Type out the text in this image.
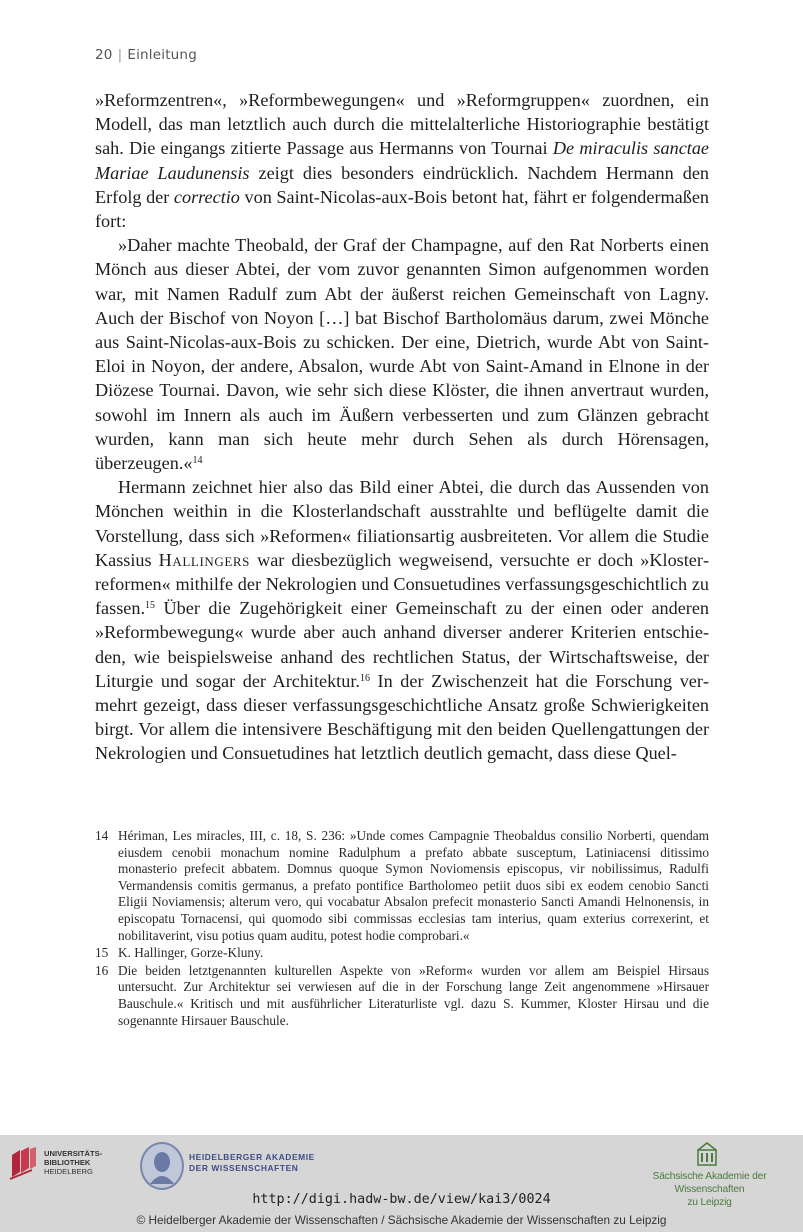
20 | Einleitung

»Reformzentren«, »Reformbewegungen« und »Reformgruppen« zuordnen, ein Modell, das man letztlich auch durch die mittelalterliche Historiographie bestätigt sah. Die eingangs zitierte Passage aus Hermanns von Tournai De miraculis sanctae Mariae Laudunensis zeigt dies besonders eindrücklich. Nachdem Hermann den Erfolg der correctio von Saint-Nicolas-aux-Bois betont hat, fährt er folgendermaßen fort:

»Daher machte Theobald, der Graf der Champagne, auf den Rat Norberts einen Mönch aus dieser Abtei, der vom zuvor genannten Simon aufgenommen worden war, mit Namen Radulf zum Abt der äußerst reichen Gemeinschaft von Lagny. Auch der Bischof von Noyon […] bat Bischof Bartholomäus darum, zwei Mönche aus Saint-Nicolas-aux-Bois zu schicken. Der eine, Dietrich, wurde Abt von Saint-Eloi in Noyon, der andere, Absalon, wurde Abt von Saint-Amand in Elnone in der Diözese Tournai. Davon, wie sehr sich diese Klöster, die ihnen anvertraut wurden, sowohl im Innern als auch im Äußern verbesserten und zum Glänzen gebracht wurden, kann man sich heute mehr durch Sehen als durch Hörensagen, überzeugen.«$^{14}$

Hermann zeichnet hier also das Bild einer Abtei, die durch das Aussenden von Mönchen weithin in die Klosterlandschaft ausstrahlte und beflügelte damit die Vorstellung, dass sich »Reformen« filiationsartig ausbreiteten. Vor allem die Studie Kassius Hallingers war diesbezüglich wegweisend, versuchte er doch »Klosterreformen« mithilfe der Nekrologien und Consuetudines verfassungsgeschichtlich zu fassen.$^{15}$ Über die Zugehörigkeit einer Gemeinschaft zu der einen oder anderen »Reformbewegung« wurde aber auch anhand diverser anderer Kriterien entschieden, wie beispielsweise anhand des rechtlichen Status, der Wirtschaftsweise, der Liturgie und sogar der Architektur.$^{16}$ In der Zwischenzeit hat die Forschung vermehrt gezeigt, dass dieser verfassungsgeschichtliche Ansatz große Schwierigkeiten birgt. Vor allem die intensivere Beschäftigung mit den beiden Quellengattungen der Nekrologien und Consuetudines hat letztlich deutlich gemacht, dass diese Quel-

14 Hériman, Les miracles, III, c. 18, S. 236: »Unde comes Campagnie Theobaldus consilio Norberti, quendam eiusdem cenobii monachum nomine Radulphum a prefato abbate susceptum, Latiniacensi ditissimo monasterio prefecit abbatem. Domnus quoque Symon Noviomensis episcopus, vir nobilissimus, Radulfi Vermandensis comitis germanus, a prefato pontifice Bartholomeo petiit duos sibi ex eodem cenobio Sancti Eligii Noviamensis; alterum vero, qui vocabatur Absalon prefecit monasterio Sancti Amandi Helnonensis, in episcopatu Tornacensi, qui quomodo sibi commissas ecclesias tam interius, quam exterius correxerint, et nobilitaverint, visu potius quam auditu, potest hodie comprobari.«
15 K. Hallinger, Gorze-Kluny.
16 Die beiden letztgenannten kulturellen Aspekte von »Reform« wurden vor allem am Beispiel Hirsaus untersucht. Zur Architektur sei verwiesen auf die in der Forschung lange Zeit angenommene »Hirsauer Bauschule.« Kritisch und mit ausführlicher Literaturliste vgl. dazu S. Kummer, Kloster Hirsau und die sogenannte Hirsauer Bauschule.
UNIVERSITÄTS-
BIBLIOTHEK
HEIDELBERG
HEIDELBERGER AKADEMIE
DER WISSENSCHAFTEN
Sächsische Akademie der Wissenschaften
zu Leipzig
http://digi.hadw-bw.de/view/kai3/0024
© Heidelberger Akademie der Wissenschaften / Sächsische Akademie der Wissenschaften zu Leipzig
